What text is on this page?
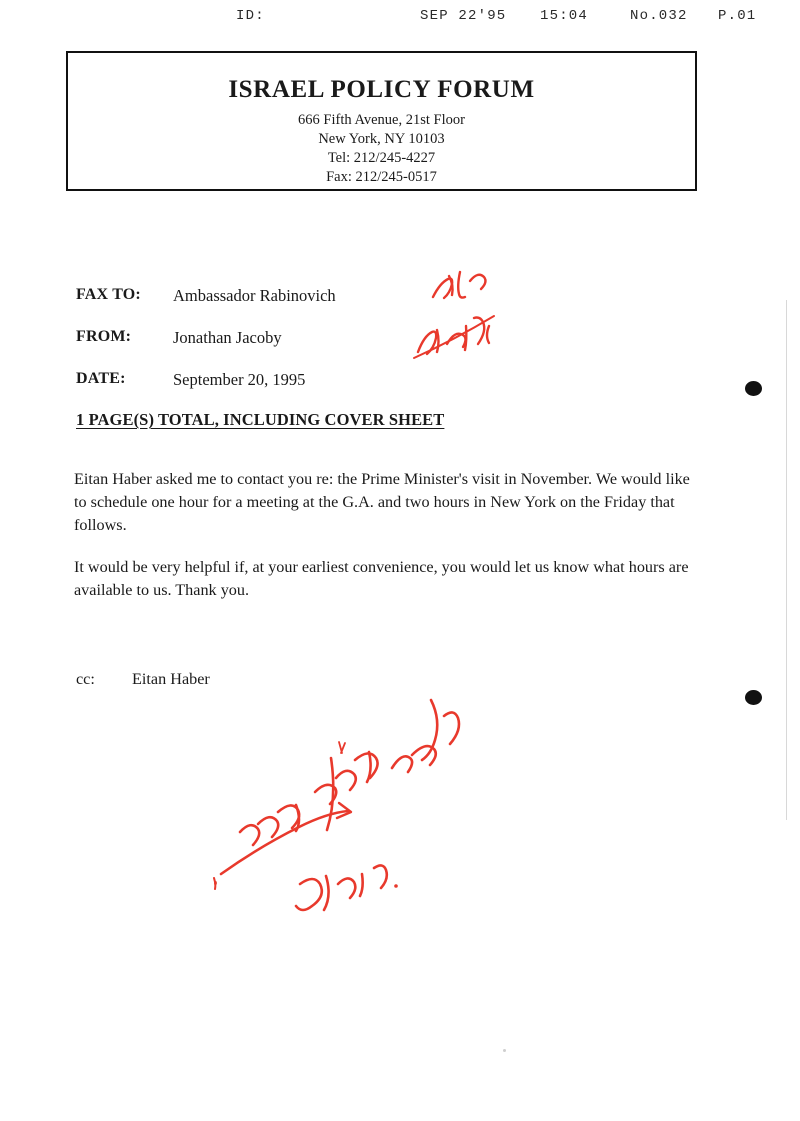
ID:	SEP 22'95 15:04	No.032 P.01
ISRAEL POLICY FORUM
666 Fifth Avenue, 21st Floor
New York, NY 10103
Tel: 212/245-4227
Fax: 212/245-0517
FAX TO: Ambassador Rabinovich
FROM:	Jonathan Jacoby
DATE:	September 20, 1995
1 PAGE(S) TOTAL, INCLUDING COVER SHEET

Eitan Haber asked me to contact you re: the Prime Minister's visit in November. We would like to schedule one hour for a meeting at the G.A. and two hours in New York on the Friday that follows.

It would be very helpful if, at your earliest convenience, you would let us know what hours are available to us. Thank you.

cc: Eitan Haber
